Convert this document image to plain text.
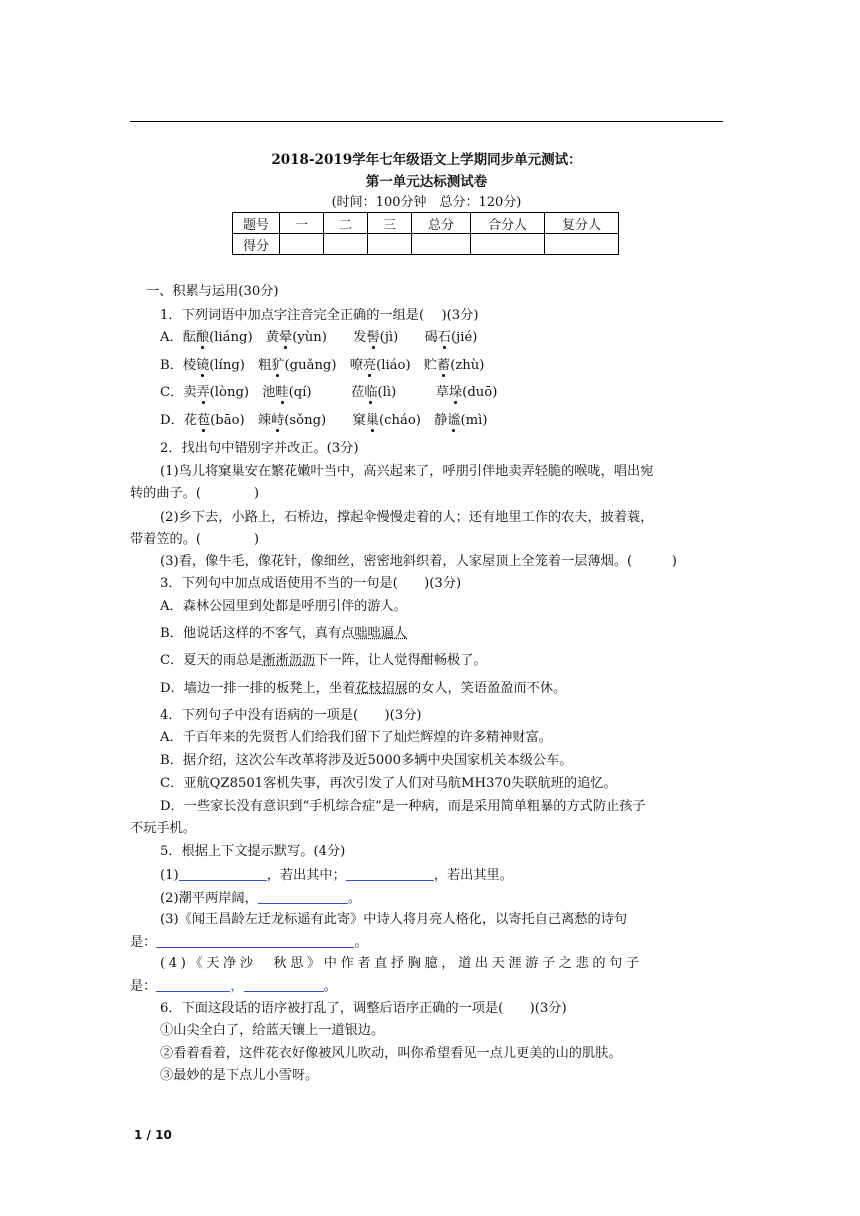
2018-2019学年七年级语文上学期同步单元测试：
第一单元达标测试卷
(时间：100分钟　总分：120分)
题号	一	二	三	总分	合分人	复分人
得分						
一、积累与运用(30分)
1．下列词语中加点字注音完全正确的一组是(　 )(3分)
A．酝酿(liáng)　黄晕(yùn)　　发髻(jì)　　碣石(jié)
B．棱镜(líng)　粗犷(guǎng)　嘹亮(liáo)　贮蓄(zhù)
C．卖弄(lòng)　池畦(qí)　　　莅临(lì)　　　草垛(duō)
D．花苞(bāo)　竦峙(sǒng)　　窠巢(cháo)　静谧(mì)
2．找出句中错别字并改正。(3分)
(1)鸟儿将窠巢安在繁花嫩叶当中，高兴起来了，呼朋引伴地卖弄轻脆的喉咙，唱出宛
转的曲子。(　　　　)
(2)乡下去，小路上，石桥边，撑起伞慢慢走着的人；还有地里工作的农夫，披着蓑，
带着笠的。(　　　　)
(3)看，像牛毛，像花针，像细丝，密密地斜织着，人家屋顶上全笼着一层薄烟。(　　　)
3．下列句中加点成语使用不当的一句是(　　)(3分)
A．森林公园里到处都是呼朋引伴的游人。
B．他说话这样的不客气，真有点咄咄逼人
C．夏天的雨总是淅淅沥沥下一阵，让人觉得酣畅极了。
D．墙边一排一排的板凳上，坐着花枝招展的女人，笑语盈盈而不休。
4．下列句子中没有语病的一项是(　　)(3分)
A．千百年来的先贤哲人们给我们留下了灿烂辉煌的许多精神财富。
B．据介绍，这次公车改革将涉及近5000多辆中央国家机关本级公车。
C．亚航QZ8501客机失事，再次引发了人们对马航MH370失联航班的追忆。
D．一些家长没有意识到“手机综合症”是一种病，而是采用简单粗暴的方式防止孩子
不玩手机。
5．根据上下文提示默写。(4分)
(1)	，若出其中；	，若出其里。
(2)潮平两岸阔，	。
(3)《闻王昌龄左迁龙标遥有此寄》中诗人将月亮人格化，以寄托自己离愁的诗句
是：	。
(4)《天净沙　秋思》中作者直抒胸臆，道出天涯游子之悲的句子
是：	，	。
6．下面这段话的语序被打乱了，调整后语序正确的一项是(　　)(3分)
①山尖全白了，给蓝天镶上一道银边。
②看着看着，这件花衣好像被风儿吹动，叫你希望看见一点儿更美的山的肌肤。
③最妙的是下点儿小雪呀。
1 / 10
